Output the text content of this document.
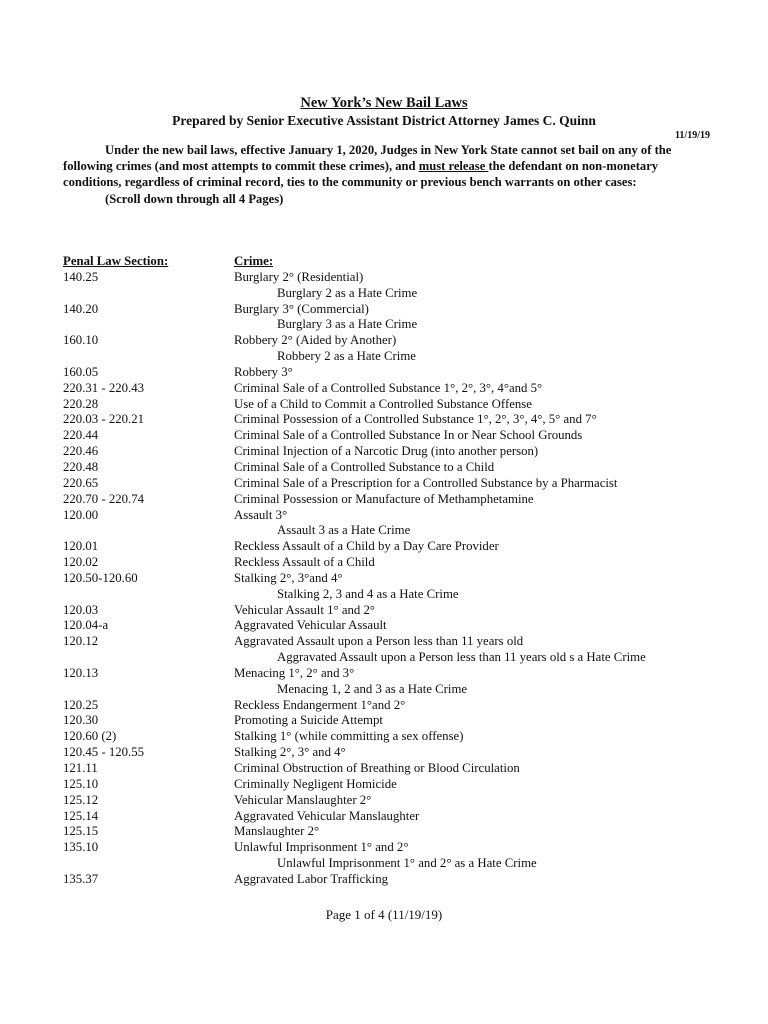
New York’s New Bail Laws
Prepared by Senior Executive Assistant District Attorney James C. Quinn
11/19/19
Under the new bail laws, effective January 1, 2020, Judges in New York State cannot set bail on any of the following crimes (and most attempts to commit these crimes), and must release the defendant on non-monetary conditions, regardless of criminal record, ties to the community or previous bench warrants on other cases:
(Scroll down through all 4 Pages)
Penal Law Section:	Crime:
140.25	Burglary 2° (Residential)
Burglary 2 as a Hate Crime
140.20	Burglary 3° (Commercial)
Burglary 3 as a Hate Crime
160.10	Robbery 2° (Aided by Another)
Robbery 2 as a Hate Crime
160.05	Robbery 3°
220.31 - 220.43	Criminal Sale of a Controlled Substance 1°, 2°, 3°, 4°and 5°
220.28	Use of a Child to Commit a Controlled Substance Offense
220.03 - 220.21	Criminal Possession of a Controlled Substance 1°, 2°, 3°, 4°, 5° and 7°
220.44	Criminal Sale of a Controlled Substance In or Near School Grounds
220.46	Criminal Injection of a Narcotic Drug (into another person)
220.48	Criminal Sale of a Controlled Substance to a Child
220.65	Criminal Sale of a Prescription for a Controlled Substance by a Pharmacist
220.70 - 220.74	Criminal Possession or Manufacture of Methamphetamine
120.00	Assault 3°
Assault 3 as a Hate Crime
120.01	Reckless Assault of a Child by a Day Care Provider
120.02	Reckless Assault of a Child
120.50-120.60	Stalking 2°, 3°and 4°
Stalking 2, 3 and 4 as a Hate Crime
120.03	Vehicular Assault 1° and 2°
120.04-a	Aggravated Vehicular Assault
120.12	Aggravated Assault upon a Person less than 11 years old
Aggravated Assault upon a Person less than 11 years old s a Hate Crime
120.13	Menacing 1°, 2° and 3°
Menacing 1, 2 and 3 as a Hate Crime
120.25	Reckless Endangerment 1°and 2°
120.30	Promoting a Suicide Attempt
120.60 (2)	Stalking 1° (while committing a sex offense)
120.45 - 120.55	Stalking 2°, 3° and 4°
121.11	Criminal Obstruction of Breathing or Blood Circulation
125.10	Criminally Negligent Homicide
125.12	Vehicular Manslaughter 2°
125.14	Aggravated Vehicular Manslaughter
125.15	Manslaughter 2°
135.10	Unlawful Imprisonment 1° and 2°
Unlawful Imprisonment 1° and 2° as a Hate Crime
135.37	Aggravated Labor Trafficking
Page 1 of 4 (11/19/19)
